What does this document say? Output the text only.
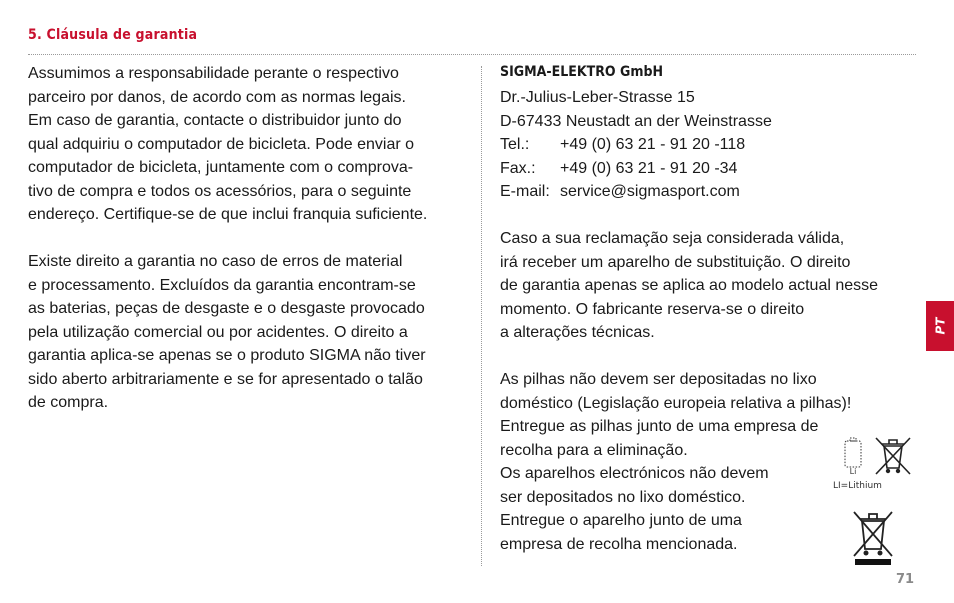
5. Cláusula de garantia
Assumimos a responsabilidade perante o respectivo
parceiro por danos, de acordo com as normas legais.
Em caso de garantia, contacte o distribuidor junto do
qual adquiriu o computador de bicicleta. Pode enviar o
computador de bicicleta, juntamente com o comprova-
tivo de compra e todos os acessórios, para o seguinte
endereço. Certifique-se de que inclui franquia suficiente.
Existe direito a garantia no caso de erros de material
e processamento. Excluídos da garantia encontram-se
as baterias, peças de desgaste e o desgaste provocado
pela utilização comercial ou por acidentes. O direito a
garantia aplica-se apenas se o produto SIGMA não tiver
sido aberto arbitrariamente e se for apresentado o talão
de compra.
SIGMA-ELEKTRO GmbH
Dr.-Julius-Leber-Strasse 15
D-67433 Neustadt an der Weinstrasse
Tel.:	+49 (0) 63 21 - 91 20 -118
Fax.:	+49 (0) 63 21 - 91 20 -34
E-mail: service@sigmasport.com
Caso a sua reclamação seja considerada válida,
irá receber um aparelho de substituição. O direito
de garantia apenas se aplica ao modelo actual nesse
momento. O fabricante reserva-se o direito
a alterações técnicas.
As pilhas não devem ser depositadas no lixo
doméstico (Legislação europeia relativa a pilhas)!
Entregue as pilhas junto de uma empresa de
recolha para a eliminação.
Os aparelhos electrónicos não devem
ser depositados no lixo doméstico.
Entregue o aparelho junto de uma
empresa de recolha mencionada.
Li
LI=Lithium
PT
71
